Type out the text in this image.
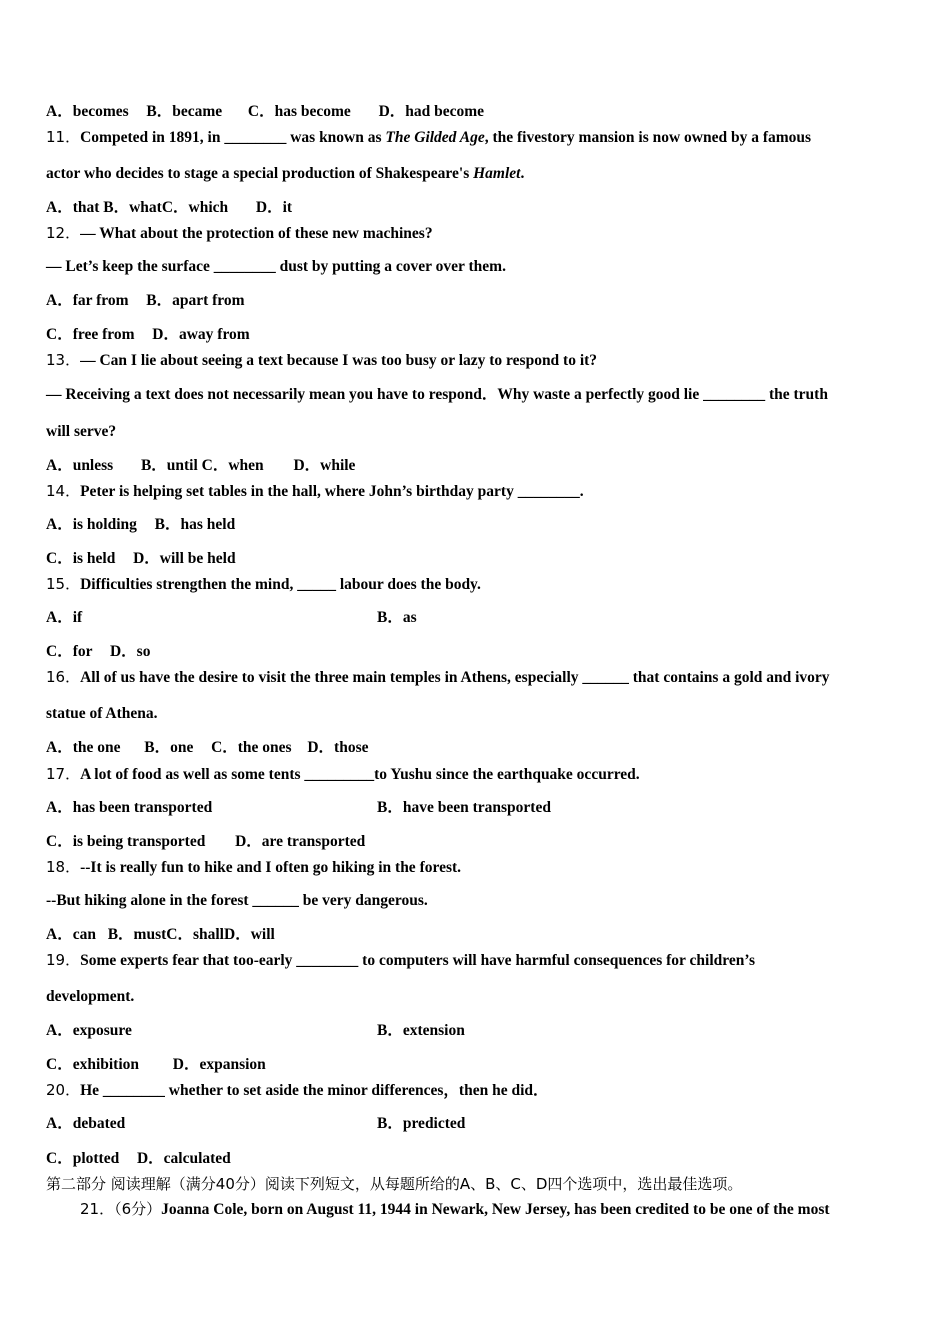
A．becomes B．became C．has become D．had become
11．Competed in 1891, in ________ was known as The Gilded Age, the fivestory mansion is now owned by a famous
actor who decides to stage a special production of Shakespeare's Hamlet.
A．that B．whatC．which D．it
12．— What about the protection of these new machines?
— Let’s keep the surface ________ dust by putting a cover over them.
A．far from B．apart from
C．free from D．away from
13．— Can I lie about seeing a text because I was too busy or lazy to respond to it?
— Receiving a text does not necessarily mean you have to respond．Why waste a perfectly good lie ________ the truth
will serve?
A．unless B．until C．when D．while
14．Peter is helping set tables in the hall, where John’s birthday party ________.
A．is holding B．has held
C．is held D．will be held
15．Difficulties strengthen the mind, _____ labour does the body.
A．if	B．as
C．for D．so
16．All of us have the desire to visit the three main temples in Athens, especially ______ that contains a gold and ivory
statue of Athena.
A．the one B．one C．the ones D．those
17．A lot of food as well as some tents _________to Yushu since the earthquake occurred.
A．has been transported	B．have been transported
C．is being transported D．are transported
18．--It is really fun to hike and I often go hiking in the forest.
--But hiking alone in the forest ______ be very dangerous.
A．can B．mustC．shallD．will
19．Some experts fear that too-early ________ to computers will have harmful consequences for children’s
development.
A．exposure	B．extension
C．exhibition D．expansion
20．He ________ whether to set aside the minor differences，then he did．
A．debated	B．predicted
C．plotted D．calculated
第二部分 阅读理解（满分40分）阅读下列短文，从每题所给的A、B、C、D四个选项中，选出最佳选项。
21．（6分）Joanna Cole, born on August 11, 1944 in Newark, New Jersey, has been credited to be one of the most
